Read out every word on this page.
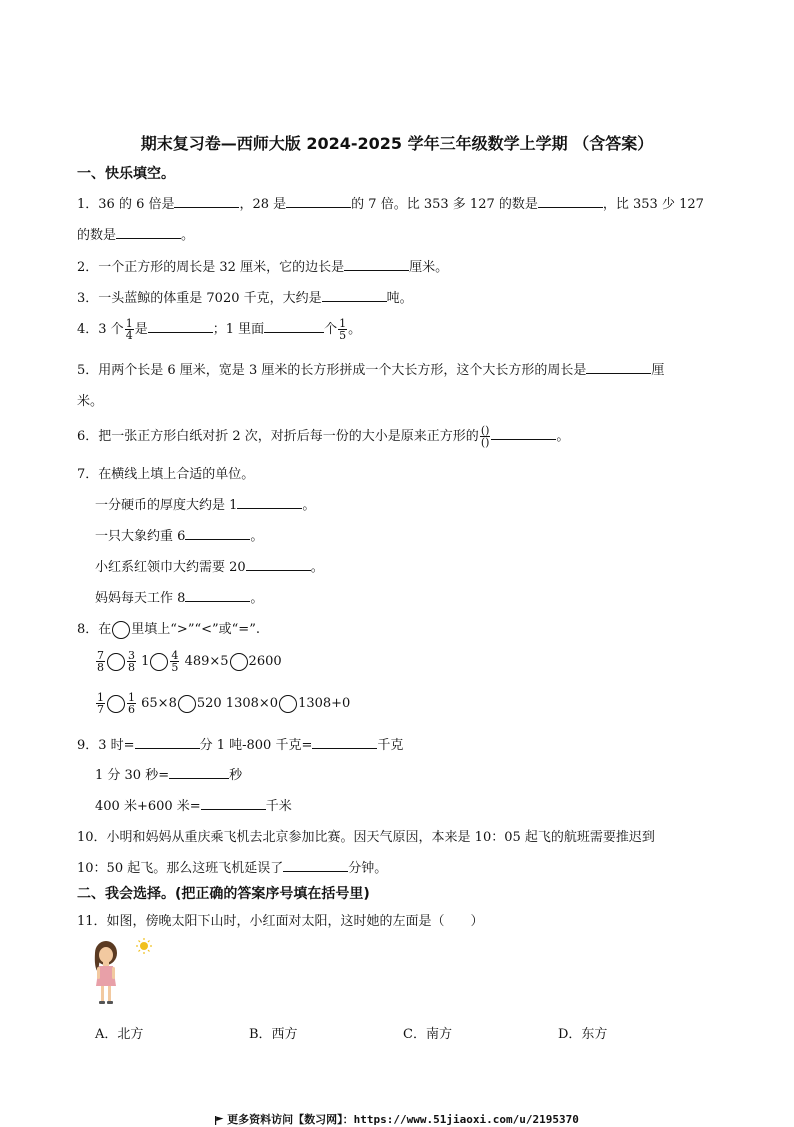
期末复习卷—西师大版 2024-2025 学年三年级数学上学期 （含答案）
一、快乐填空。
1．36 的 6 倍是	，28 是	的 7 倍。比 353 多 127 的数是	，比 353 少 127
的数是	。
2．一个正方形的周长是 32 厘米，它的边长是	厘米。
3．一头蓝鲸的体重是 7020 千克，大约是	吨。
4．3 个 $\frac{1}{4}$ 是	；1 里面	个 $\frac{1}{5}$ 。
5．用两个长是 6 厘米，宽是 3 厘米的长方形拼成一个大长方形，这个大长方形的周长是	厘
米。
6．把一张正方形白纸对折 2 次，对折后每一份的大小是原来正方形的 $\frac{()}{()}$	。
7．在横线上填上合适的单位。
一分硬币的厚度大约是 1	。
一只大象约重 6	。
小红系红领巾大约需要 20	。
妈妈每天工作 8	。
8．在 里填上“>”“<”或“=”.
$\frac{7}{8} \frac{3}{8} 1 \frac{4}{5} 489\times 5$ 2600
$\frac{1}{7} \frac{1}{6} 65\times 8$ 520 1308×0 1308+0
9．3 时=	分 1 吨-800 千克=	千克
1 分 30 秒=	秒
400 米+600 米=	千米
10．小明和妈妈从重庆乘飞机去北京参加比赛。因天气原因，本来是 10：05 起飞的航班需要推迟到
10：50 起飞。那么这班飞机延误了	分钟。
二、我会选择。(把正确的答案序号填在括号里)
11．如图，傍晚太阳下山时，小红面对太阳，这时她的左面是（　　）
A．北方	B．西方	C．南方	D．东方
更多资料访问【数习网】：https://www.51jiaoxi.com/u/2195370
